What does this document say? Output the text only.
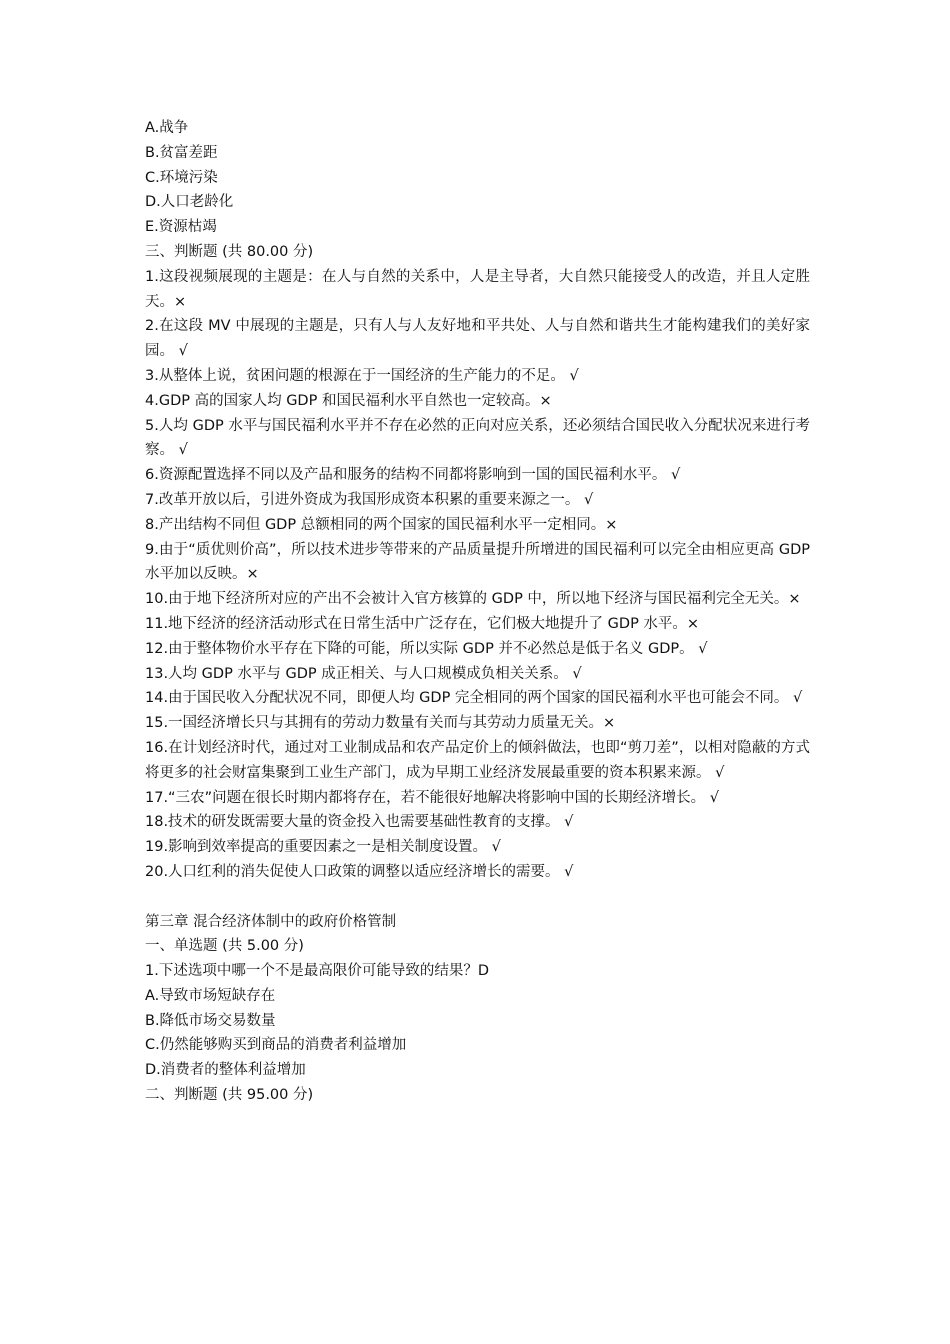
A.战争
B.贫富差距
C.环境污染
D.人口老龄化
E.资源枯竭
三、判断题 (共 80.00 分)
1.这段视频展现的主题是：在人与自然的关系中，人是主导者，大自然只能接受人的改造，并且人定胜天。×
2.在这段 MV 中展现的主题是，只有人与人友好地和平共处、人与自然和谐共生才能构建我们的美好家园。 √
3.从整体上说，贫困问题的根源在于一国经济的生产能力的不足。 √
4.GDP 高的国家人均 GDP 和国民福利水平自然也一定较高。×
5.人均 GDP 水平与国民福利水平并不存在必然的正向对应关系，还必须结合国民收入分配状况来进行考察。 √
6.资源配置选择不同以及产品和服务的结构不同都将影响到一国的国民福利水平。 √
7.改革开放以后，引进外资成为我国形成资本积累的重要来源之一。 √
8.产出结构不同但 GDP 总额相同的两个国家的国民福利水平一定相同。×
9.由于“质优则价高”，所以技术进步等带来的产品质量提升所增进的国民福利可以完全由相应更高 GDP 水平加以反映。×
10.由于地下经济所对应的产出不会被计入官方核算的 GDP 中，所以地下经济与国民福利完全无关。×
11.地下经济的经济活动形式在日常生活中广泛存在，它们极大地提升了 GDP 水平。×
12.由于整体物价水平存在下降的可能，所以实际 GDP 并不必然总是低于名义 GDP。 √
13.人均 GDP 水平与 GDP 成正相关、与人口规模成负相关关系。 √
14.由于国民收入分配状况不同，即便人均 GDP 完全相同的两个国家的国民福利水平也可能会不同。 √
15.一国经济增长只与其拥有的劳动力数量有关而与其劳动力质量无关。×
16.在计划经济时代，通过对工业制成品和农产品定价上的倾斜做法，也即“剪刀差”，以相对隐蔽的方式将更多的社会财富集聚到工业生产部门，成为早期工业经济发展最重要的资本积累来源。 √
17.“三农”问题在很长时期内都将存在，若不能很好地解决将影响中国的长期经济增长。 √
18.技术的研发既需要大量的资金投入也需要基础性教育的支撑。 √
19.影响到效率提高的重要因素之一是相关制度设置。 √
20.人口红利的消失促使人口政策的调整以适应经济增长的需要。 √
第三章 混合经济体制中的政府价格管制
一、单选题 (共 5.00 分)
1.下述选项中哪一个不是最高限价可能导致的结果？D
A.导致市场短缺存在
B.降低市场交易数量
C.仍然能够购买到商品的消费者利益增加
D.消费者的整体利益增加
二、判断题 (共 95.00 分)
